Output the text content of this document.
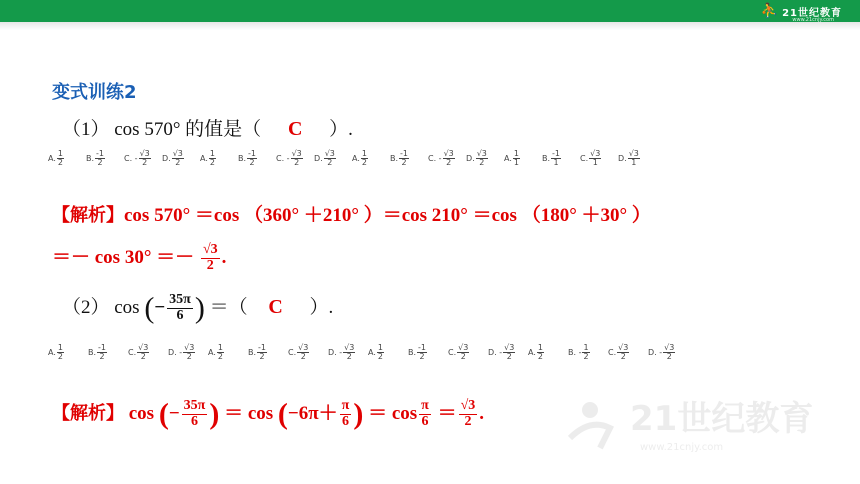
⛹ 21世纪教育
www.21cnjy.com
变式训练2
（1） cos 570° 的值是（ C ）.
A. $\frac{1}{2}$	B. $\frac{-1}{2} C$. - $\frac{√3}{2} D$. $\frac{√3}{2} A$. $\frac{1}{2}$	B. $\frac{-1}{2} C$. - $\frac{√3}{2} D$. $\frac{√3}{2} A$. $\frac{1}{2}$	B. $\frac{-1}{2} C$. - $\frac{√3}{2} D$. $\frac{√3}{2} A$. $\frac{1}{1}$	B. $\frac{-1}{1} C$. $\frac{√3}{1} D$. $\frac{√3}{1}$
【解析】cos 570° ＝cos （360° ＋210° ）＝cos 210° ＝cos （180° ＋30° ）
＝－ $\cos 30^\circ =- \frac{√3}{2}$ .
（2） cos (− $\frac{35\pi}{6}$ ) ＝（ C ）.
A. $\frac{1}{2}$	B. $\frac{-1}{2}$	C. $\frac{√3}{2} D$. - $\frac{√3}{2} A$. $\frac{1}{2}$	B. $\frac{-1}{2}$	C. $\frac{√3}{2} D$. - $\frac{√3}{2} A$. $\frac{1}{2}$	B. $\frac{-1}{2}$	C. $\frac{√3}{2} D$. - $\frac{√3}{2} A$. $\frac{1}{2}$	B. - $\frac{1}{2} C$. $\frac{√3}{2} D$. - $\frac{√3}{2}$
【解析】 cos (− $\frac{35\pi}{6}$ ) ＝ $\cos (-6\pi+ \frac{\pi}{6}$ ) ＝ $\cos \frac{\pi}{6} = \frac{√3}{2}$ .	21世纪教育
www.21cnjy.com
